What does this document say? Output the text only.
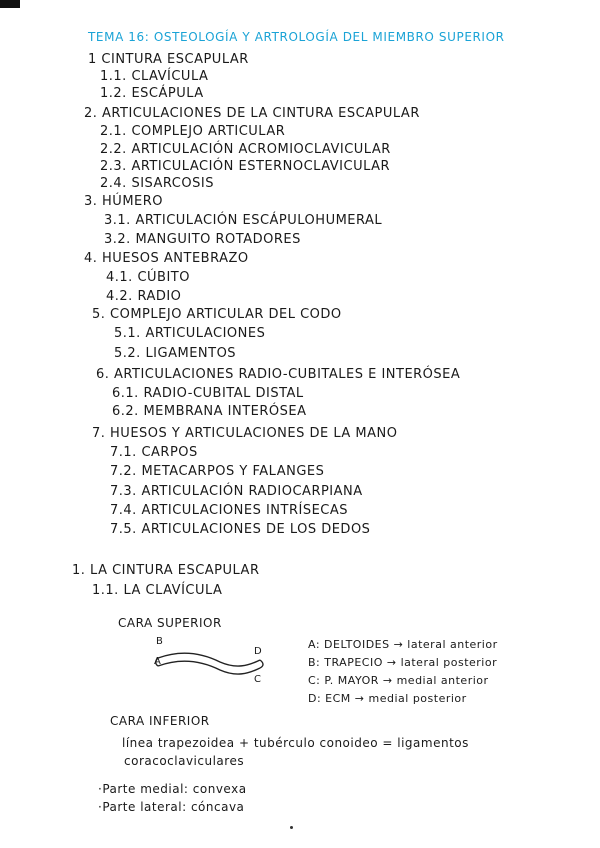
TEMA 16: OSTEOLOGÍA Y ARTROLOGÍA DEL MIEMBRO SUPERIOR
1 CINTURA ESCAPULAR
1.1. CLAVÍCULA
1.2. ESCÁPULA
2. ARTICULACIONES DE LA CINTURA ESCAPULAR
2.1. COMPLEJO ARTICULAR
2.2. ARTICULACIÓN ACROMIOCLAVICULAR
2.3. ARTICULACIÓN ESTERNOCLAVICULAR
2.4. SISARCOSIS
3. HÚMERO
3.1. ARTICULACIÓN ESCÁPULOHUMERAL
3.2. MANGUITO ROTADORES
4. HUESOS ANTEBRAZO
4.1. CÚBITO
4.2. RADIO
5. COMPLEJO ARTICULAR DEL CODO
5.1. ARTICULACIONES
5.2. LIGAMENTOS
6. ARTICULACIONES RADIO-CUBITALES E INTERÓSEA
6.1. RADIO-CUBITAL DISTAL
6.2. MEMBRANA INTERÓSEA
7. HUESOS Y ARTICULACIONES DE LA MANO
7.1. CARPOS
7.2. METACARPOS Y FALANGES
7.3. ARTICULACIÓN RADIOCARPIANA
7.4. ARTICULACIONES INTRÍSECAS
7.5. ARTICULACIONES DE LOS DEDOS
1. LA CINTURA ESCAPULAR
1.1. LA CLAVÍCULA
CARA SUPERIOR
B
A
D
C
A: DELTOIDES → lateral anterior
B: TRAPECIO → lateral posterior
C: P. MAYOR → medial anterior
D: ECM → medial posterior
CARA INFERIOR
línea trapezoidea + tubérculo conoideo = ligamentos
coracoclaviculares
·Parte medial: convexa
·Parte lateral: cóncava
